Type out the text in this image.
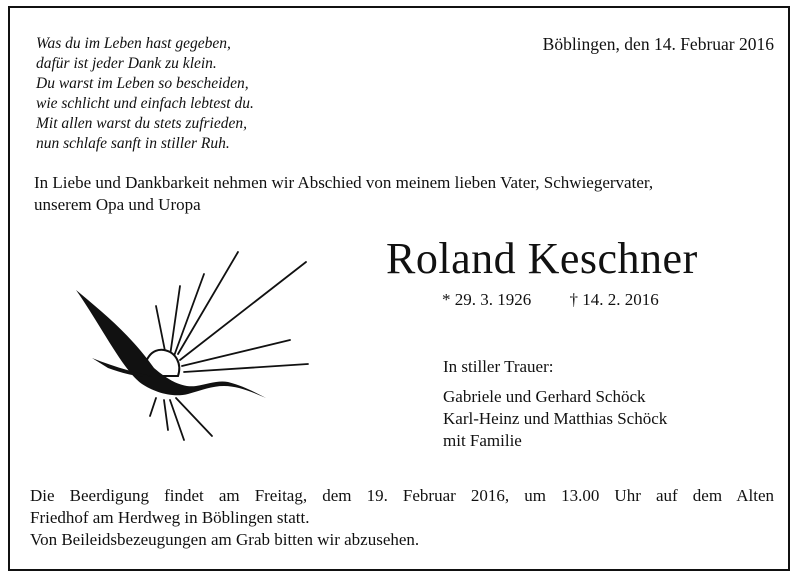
Was du im Leben hast gegeben,
dafür ist jeder Dank zu klein.
Du warst im Leben so bescheiden,
wie schlicht und einfach lebtest du.
Mit allen warst du stets zufrieden,
nun schlafe sanft in stiller Ruh.
Böblingen, den 14. Februar 2016
In Liebe und Dankbarkeit nehmen wir Abschied von meinem lieben Vater, Schwiegervater,
unserem Opa und Uropa
Roland Keschner
* 29. 3. 1926 † 14. 2. 2016
In stiller Trauer:
Gabriele und Gerhard Schöck
Karl-Heinz und Matthias Schöck
mit Familie
Die Beerdigung findet am Freitag, dem 19. Februar 2016, um 13.00 Uhr auf dem Alten
Friedhof am Herdweg in Böblingen statt.
Von Beileidsbezeugungen am Grab bitten wir abzusehen.
